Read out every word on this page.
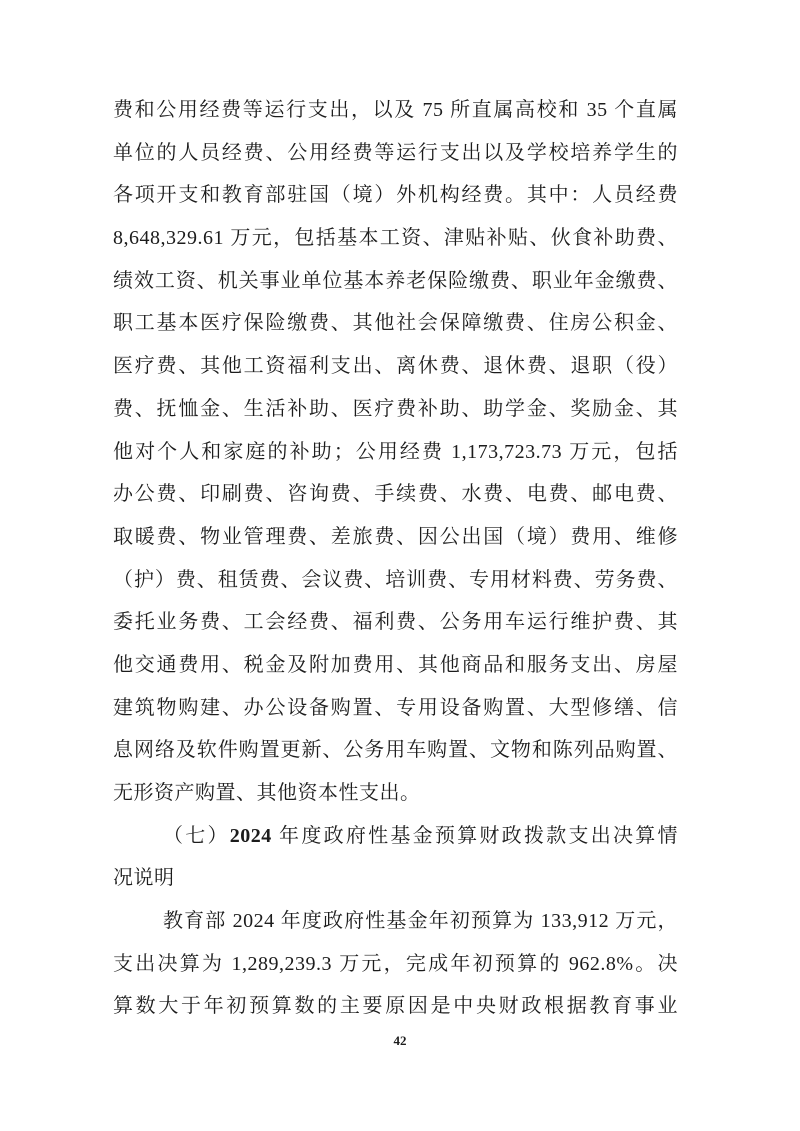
费和公用经费等运行支出，以及 75 所直属高校和 35 个直属
单位的人员经费、公用经费等运行支出以及学校培养学生的
各项开支和教育部驻国（境）外机构经费。其中：人员经费
8,648,329.61 万元，包括基本工资、津贴补贴、伙食补助费、
绩效工资、机关事业单位基本养老保险缴费、职业年金缴费、
职工基本医疗保险缴费、其他社会保障缴费、住房公积金、
医疗费、其他工资福利支出、离休费、退休费、退职（役）
费、抚恤金、生活补助、医疗费补助、助学金、奖励金、其
他对个人和家庭的补助；公用经费 1,173,723.73 万元，包括
办公费、印刷费、咨询费、手续费、水费、电费、邮电费、
取暖费、物业管理费、差旅费、因公出国（境）费用、维修
（护）费、租赁费、会议费、培训费、专用材料费、劳务费、
委托业务费、工会经费、福利费、公务用车运行维护费、其
他交通费用、税金及附加费用、其他商品和服务支出、房屋
建筑物购建、办公设备购置、专用设备购置、大型修缮、信
息网络及软件购置更新、公务用车购置、文物和陈列品购置、
无形资产购置、其他资本性支出。
（七）2024 年度政府性基金预算财政拨款支出决算情
况说明
教育部 2024 年度政府性基金年初预算为 133,912 万元，
支出决算为 1,289,239.3 万元，完成年初预算的 962.8%。决
算数大于年初预算数的主要原因是中央财政根据教育事业
42
